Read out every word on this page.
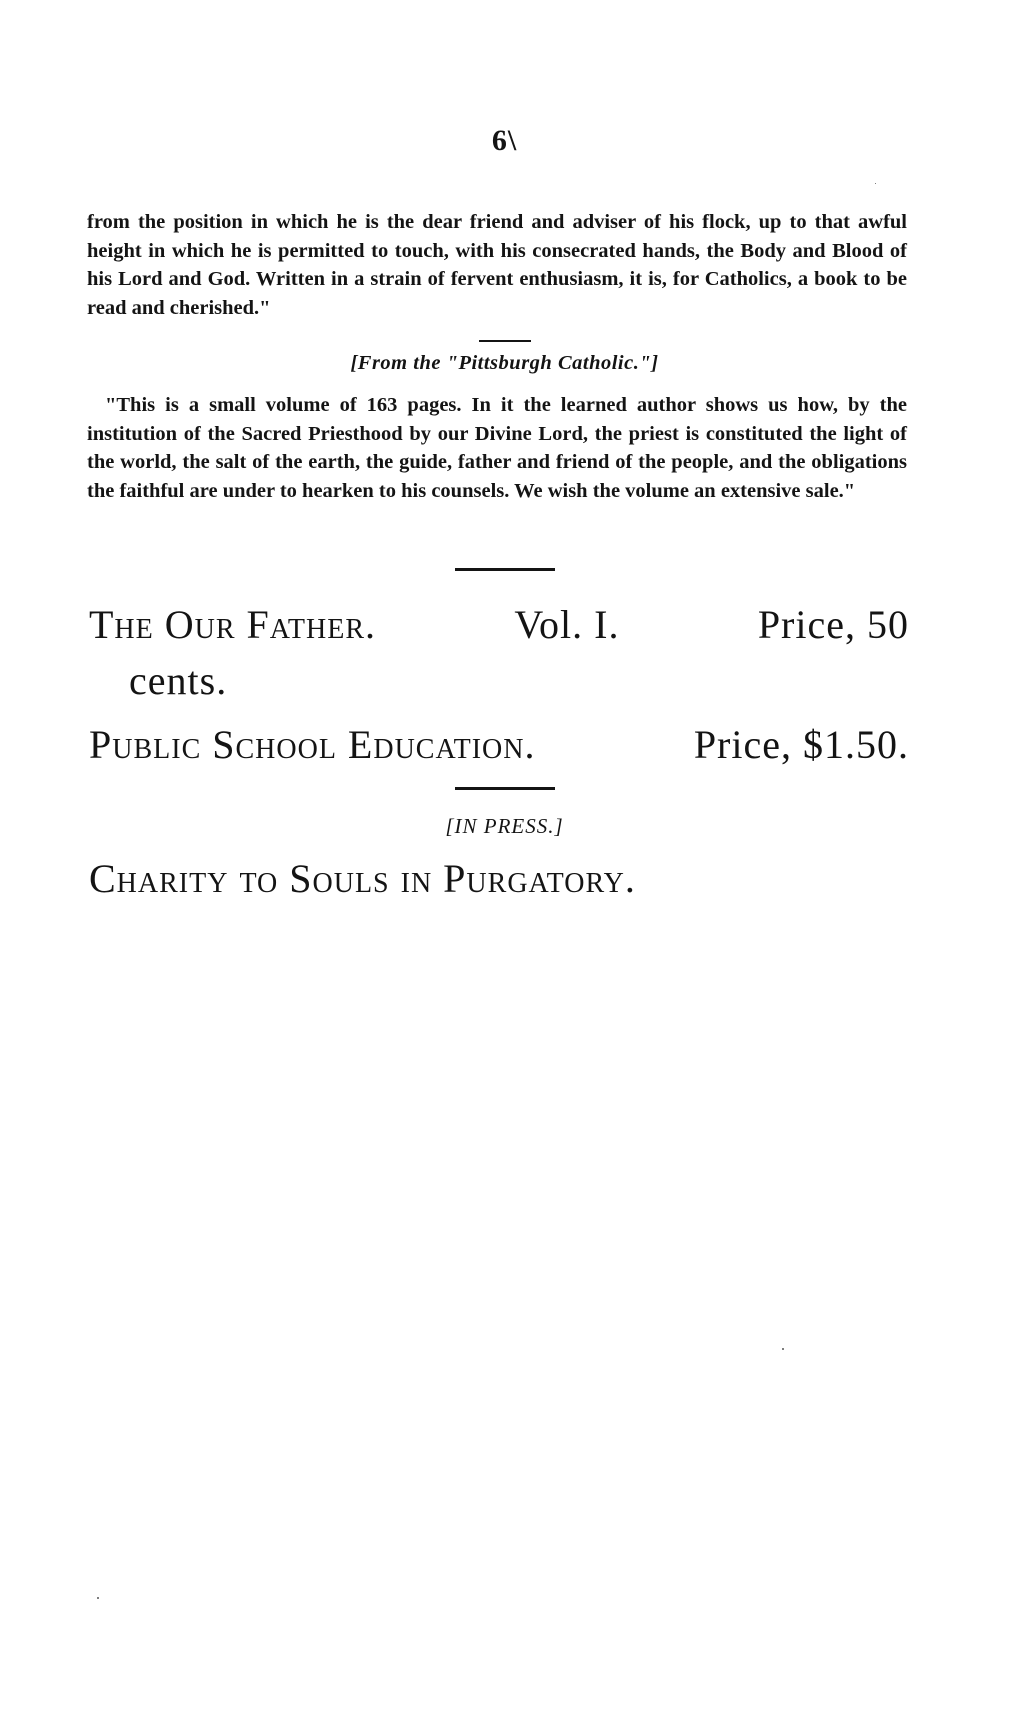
6\
from the position in which he is the dear friend and adviser of his flock, up to that awful height in which he is permitted to touch, with his consecrated hands, the Body and Blood of his Lord and God. Written in a strain of fervent enthusiasm, it is, for Catholics, a book to be read and cherished."
[From the "Pittsburgh Catholic."]
"This is a small volume of 163 pages. In it the learned author shows us how, by the institution of the Sacred Priesthood by our Divine Lord, the priest is constituted the light of the world, the salt of the earth, the guide, father and friend of the people, and the obligations the faithful are under to hearken to his counsels. We wish the volume an extensive sale."
The Our Father.	Vol. I.	Price, 50
cents.
Public School Education.	Price, $1.50.
[IN PRESS.]
Charity to Souls in Purgatory.
